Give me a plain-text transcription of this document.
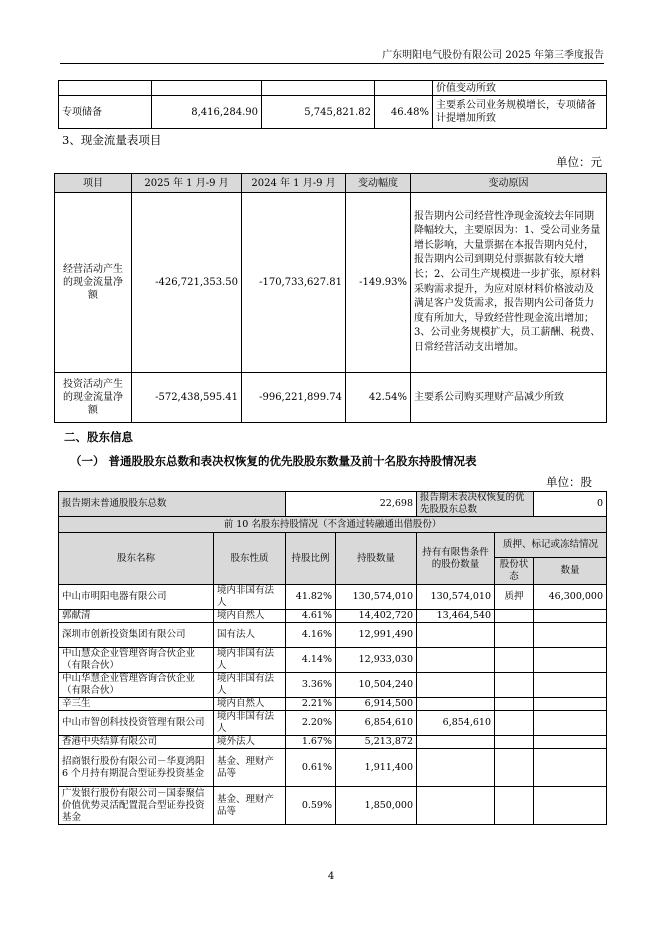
广东明阳电气股份有限公司 2025 年第三季度报告
				价值变动所致
专项储备	8,416,284.90	5,745,821.82	46.48%	主要系公司业务规模增长，专项储备计提增加所致
3、现金流量表项目
单位：元
项目	2025 年 1 月-9 月	2024 年 1 月-9 月	变动幅度	变动原因
经营活动产生的现金流量净额	-426,721,353.50	-170,733,627.81	-149.93%	报告期内公司经营性净现金流较去年同期降幅较大，主要原因为：1、受公司业务量增长影响，大量票据在本报告期内兑付，报告期内公司到期兑付票据款有较大增长；2、公司生产规模进一步扩张，原材料采购需求提升，为应对原材料价格波动及满足客户发货需求，报告期内公司备货力度有所加大，导致经营性现金流出增加；3、公司业务规模扩大，员工薪酬、税费、日常经营活动支出增加。
投资活动产生的现金流量净额	-572,438,595.41	-996,221,899.74	42.54%	主要系公司购买理财产品减少所致
二、股东信息
（一） 普通股股东总数和表决权恢复的优先股股东数量及前十名股东持股情况表
单位：股
报告期末普通股股东总数		22,698		报告期末表决权恢复的优先股股东总数		0
前 10 名股东持股情况（不含通过转融通出借股份）						
股东名称	股东性质	持股比例	持股数量	持有有限售条件的股份数量	质押、标记或冻结情况	
					股份状态	数量
中山市明阳电器有限公司	境内非国有法人	41.82%	130,574,010	130,574,010	质押	46,300,000
郭献清	境内自然人	4.61%	14,402,720	13,464,540		
深圳市创新投资集团有限公司	国有法人	4.16%	12,991,490			
中山慧众企业管理咨询合伙企业（有限合伙）	境内非国有法人	4.14%	12,933,030			
中山华慧企业管理咨询合伙企业（有限合伙）	境内非国有法人	3.36%	10,504,240			
辛三生	境内自然人	2.21%	6,914,500			
中山市智创科技投资管理有限公司	境内非国有法人	2.20%	6,854,610	6,854,610		
香港中央结算有限公司	境外法人	1.67%	5,213,872			
招商银行股份有限公司－华夏鸿阳 6 个月持有期混合型证券投资基金	基金、理财产品等	0.61%	1,911,400			
广发银行股份有限公司－国泰聚信价值优势灵活配置混合型证券投资基金	基金、理财产品等	0.59%	1,850,000			
4
